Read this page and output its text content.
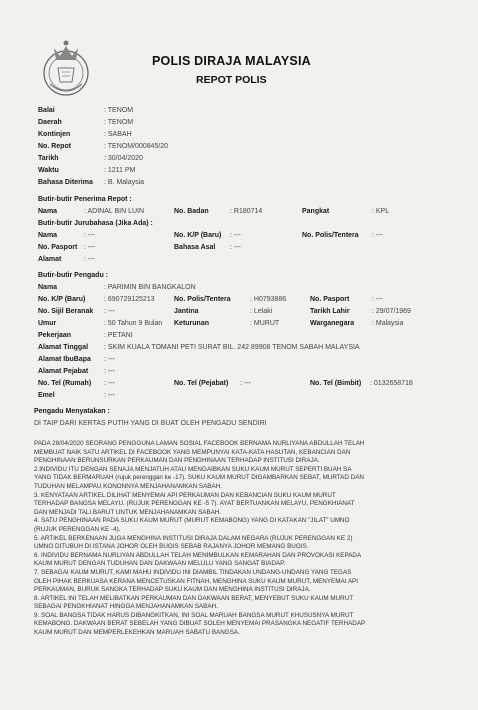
POLIS DIRAJA MALAYSIA
REPOT POLIS
Balai	: TENOM
Daerah	: TENOM
Kontinjen	: SABAH
No. Repot	: TENOM/000845/20
Tarikh	: 30/04/2020
Waktu	: 1211 PM
Bahasa Diterima : B. Malaysia
Butir-butir Penerima Repot :
Nama	: ADINAL BIN LUIN	No. Badan	: R180714	Pangkat	: KPL
Butir-butir Jurubahasa (Jika Ada) :
Nama	: ---	No. K/P (Baru) : ---	No. Polis/Tentera : ---
No. Pasport : ---	Bahasa Asal : ---
Alamat	: ---
Butir-butir Pengadu :
Nama	: PARIMIN BIN BANGKALON
No. K/P (Baru)	: 690729125213	No. Polis/Tentera	: H0793886	No. Pasport	: ---
No. Sijil Beranak : ---	Jantina	: Lelaki	Tarikh Lahir	: 29/07/1969
Umur	: 50 Tahun 9 Bulan Keturunan	: MURUT	Warganegara	: Malaysia
Pekerjaan	: PETANI
Alamat Tinggal : SKIM KUALA TOMANI PETI SURAT BIL. 242 89908 TENOM SABAH MALAYSIA
Alamat IbuBapa : ---
Alamat Pejabat : ---
No. Tel (Rumah) : ---	No. Tel (Pejabat) : ---	No. Tel (Bimbit) : 0132658718
Emel	: ---
Pengadu Menyatakan :
DI TAIP DARI KERTAS PUTIH YANG DI BUAT OLEH PENGADU SENDIRI

PADA 28/04/2020 SEORANG PENGGUNA LAMAN SOSIAL FACEBOOK BERNAMA NURLIYANA ABDULLAH TELAH

MEMBUAT NAIK SATU ARTIKEL DI FACEBOOK YANG MEMPUNYAI KATA-KATA HASUTAN, KEBANCIAN DAN

PENGHINAAN BERUNSURKAN PERKAUMAN DAN PENGHINAAN TERHADAP INSTITUSI DIRAJA.

2.INDIVIDU ITU DENGAN SENAJA MENJATUH ATAU MENGAIBKAN SUKU KAUM MURUT SEPERTI BUAH SA

YANG TIDAK BERMARUAH (rujuk perenggan ke -17). SUKU KAUM MURUT DIGAMBARKAN SEBAT, MURTAD DAN

TUDUHAN MELAMPAU KONONNYA MENJAHANAMKAN SABAH.

3. KENYATAAN ARTIKEL DILIHAT MENYEMAI API PERKAUMAN DAN KEBANCIAN SUKU KAUM MURUT

TERHADAP BANGSA MELAYU. (RUJUK PERENGGAN KE -5 7). AYAT BERTUANKAN MELAYU, PENGKHIANAT

DAN MENJADI TALI BARUT UNTUK MENJAHANAMKAN SABAH.

4. SATU PENGHINAAN PADA SUKU KAUM MURUT (MURUT KEMABONG) YANG DI KATAKAN "JILAT" UMNO

(RUJUK PERENGGAN KE -4).

5. ARTIKEL BERKENAAN JUGA MENGHINA INSTITUSI DIRAJA DALAM NEGARA (RUJUK PERENGGAN KE 2)

UMNO DITUBUH DI ISTANA JOHOR OLEH BUGIS SEBAB RAJANYA JOHOR MEMANG BUGIS.

6. INDIVIDU BERNAMA NURLIYAN ABDULLAH TELAH MENIMBULKAN KEMARAHAN DAN PROVOKASI KEPADA

KAUM MURUT DENGAN TUDUHAN DAN DAKWAAN MELULU YANG SANGAT BIADAP.

7. SEBAGAI KAUM MURUT, KAMI MAHU INDIVIDU INI DIAMBIL TINDAKAN UNDANG-UNDANG YANG TEGAS

OLEH PIHAK BERKUASA KERANA MENCETUSKAN FITNAH, MENGHINA SUKU KAUM MURUT, MENYEMAI API

PERKAUMAN, BURUK SANGKA TERHADAP SUKU KAUM DAN MENGHINA INSTITUSI DIRAJA.

8. ARTIKEL INI TELAH MELIBATKAN PERKAUMAN DAN DAKWAAN BERAT, MENYEBUT SUKU KAUM MURUT

SEBAGAI PENGKHIANAT HINGGA MENJAHANAMKAN SABAH.

9. SOAL BANGSA TIDAK HARUS DIBANGKITKAN, INI SOAL MARUAH BANGSA MURUT KHUSUSNYA MURUT

KEMABONG. DAKWAAN BERAT SEBELAH YANG DIBUAT SOLEH MENYEMAI PRASANGKA NEGATIF TERHADAP

KAUM MURUT DAN MEMPERLEKEHKAN MARUAH SABATU BANGSA.
